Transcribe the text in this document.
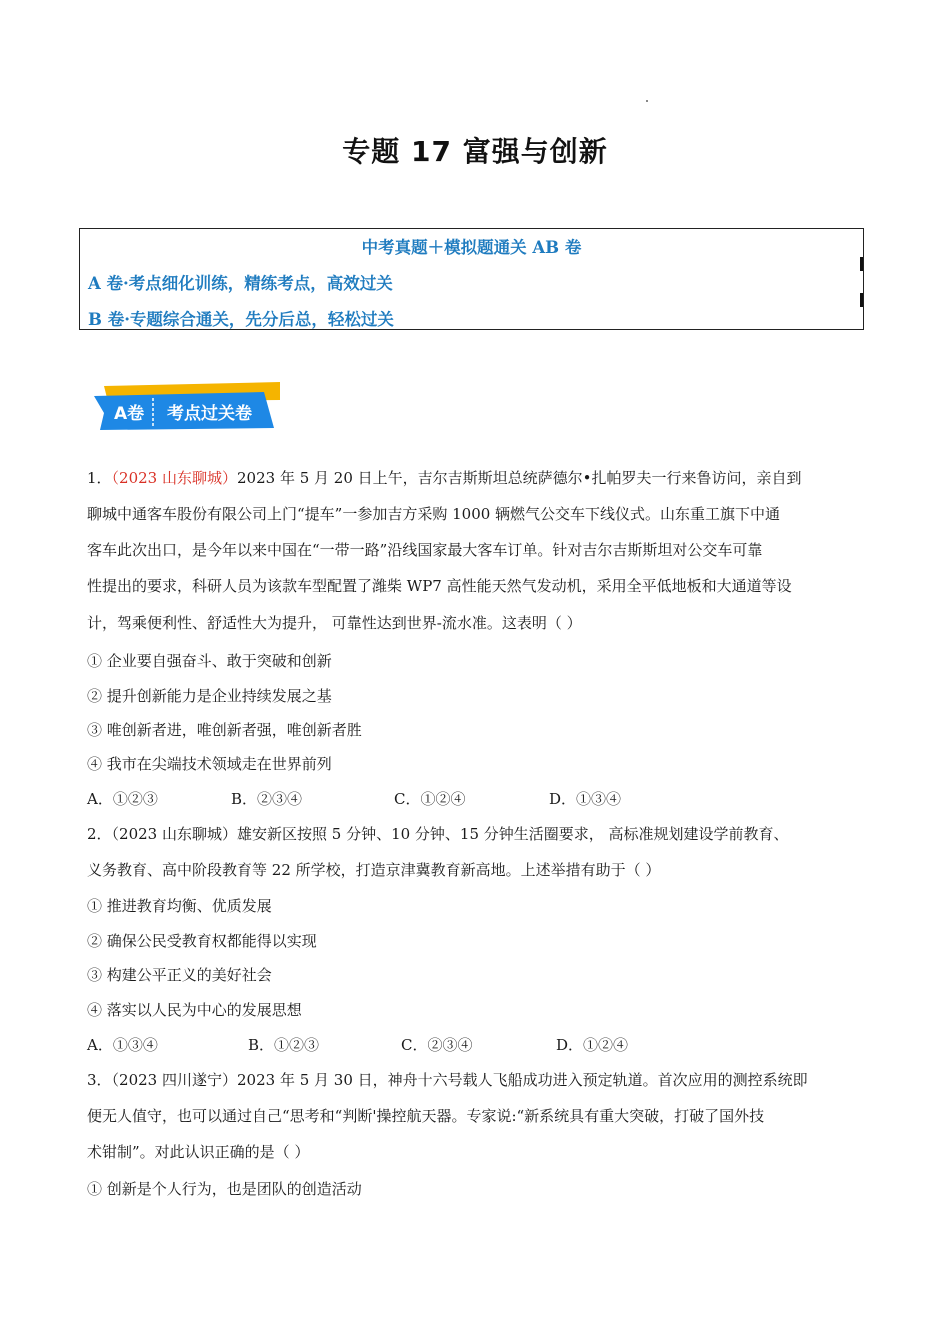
专题 17 富强与创新
中考真题＋模拟题通关 AB 卷
A 卷·考点细化训练，精练考点，高效过关
B 卷·专题综合通关，先分后总，轻松过关
A卷 考点过关卷
1．（2023 山东聊城）2023 年 5 月 20 日上午，吉尔吉斯斯坦总统萨德尔•扎帕罗夫一行来鲁访问，亲自到
聊城中通客车股份有限公司上门“提车”一参加吉方采购 1000 辆燃气公交车下线仪式。山东重工旗下中通
客车此次出口，是今年以来中国在“一带一路”沿线国家最大客车订单。针对吉尔吉斯斯坦对公交车可靠
性提出的要求，科研人员为该款车型配置了潍柴 WP7 高性能天然气发动机，采用全平低地板和大通道等设
计，驾乘便利性、舒适性大为提升， 可靠性达到世界-流水准。这表明（ ）
① 企业要自强奋斗、敢于突破和创新
② 提升创新能力是企业持续发展之基
③ 唯创新者进，唯创新者强，唯创新者胜
④ 我市在尖端技术领域走在世界前列
A．①②③	B．②③④	C．①②④	D．①③④
2．（2023 山东聊城）雄安新区按照 5 分钟、10 分钟、15 分钟生活圈要求， 高标准规划建设学前教育、
义务教育、高中阶段教育等 22 所学校，打造京津冀教育新高地。上述举措有助于（ ）
① 推进教育均衡、优质发展
② 确保公民受教育权都能得以实现
③ 构建公平正义的美好社会
④ 落实以人民为中心的发展思想
A．①③④	B．①②③	C．②③④	D．①②④
3．（2023 四川遂宁）2023 年 5 月 30 日，神舟十六号载人飞船成功进入预定轨道。首次应用的测控系统即
便无人值守，也可以通过自己“思考和“判断'操控航天器。专家说:“新系统具有重大突破，打破了国外技
术钳制”。对此认识正确的是（ ）
① 创新是个人行为，也是团队的创造活动
